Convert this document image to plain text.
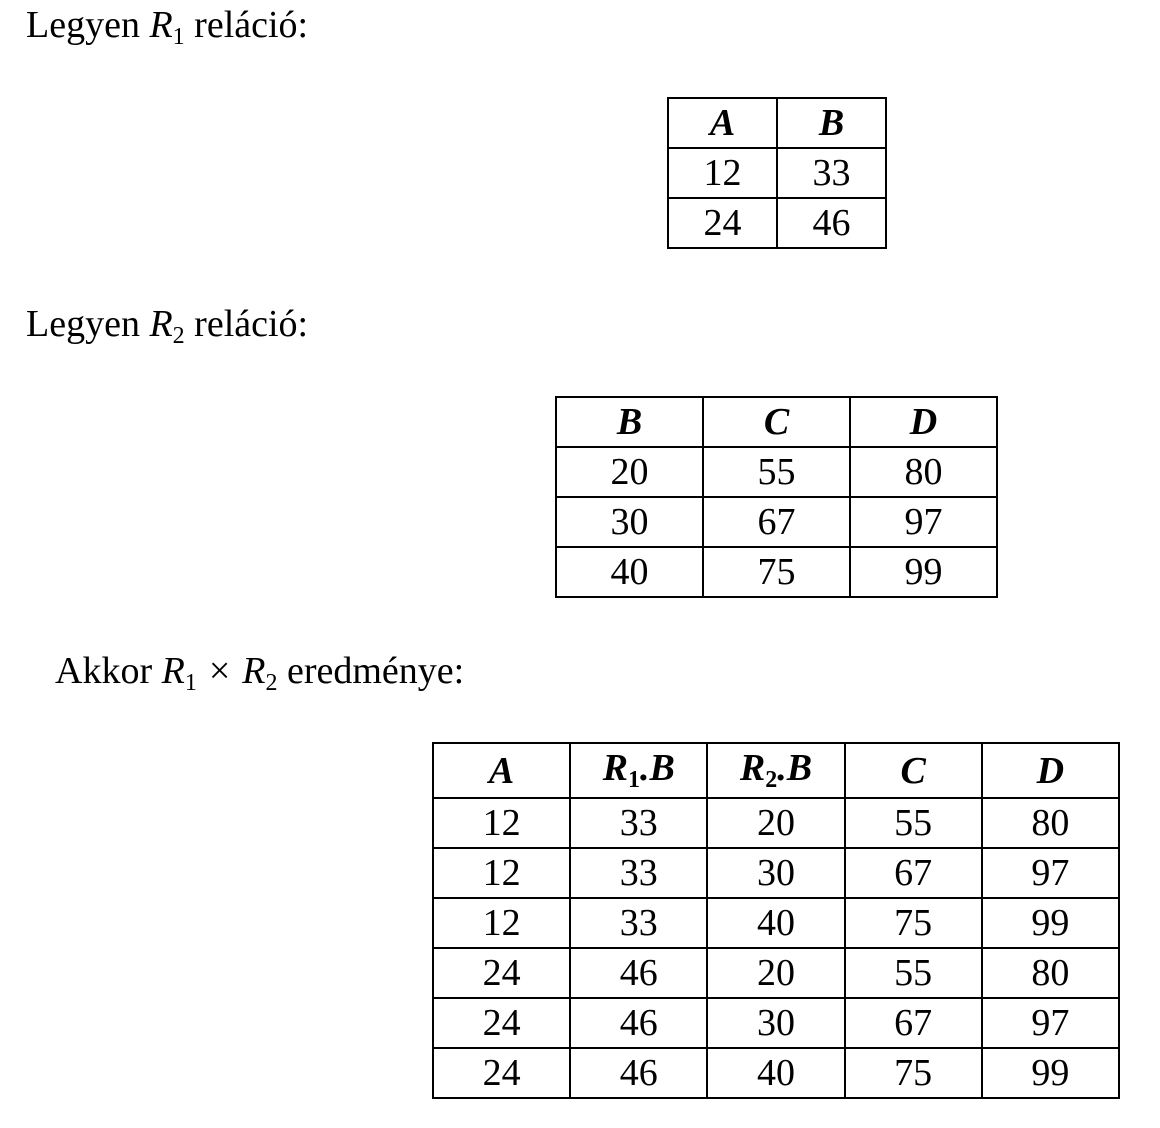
Legyen $R_1$ reláció:
A	B
12	33
24	46
Legyen $R_2$ reláció:
B	C	D
20	55	80
30	67	97
40	75	99
Akkor $R_1 \times R_2$ eredménye:
A	$R_1.B$	$R_2.B$	C	D
12	33	20	55	80
12	33	30	67	97
12	33	40	75	99
24	46	20	55	80
24	46	30	67	97
24	46	40	75	99
